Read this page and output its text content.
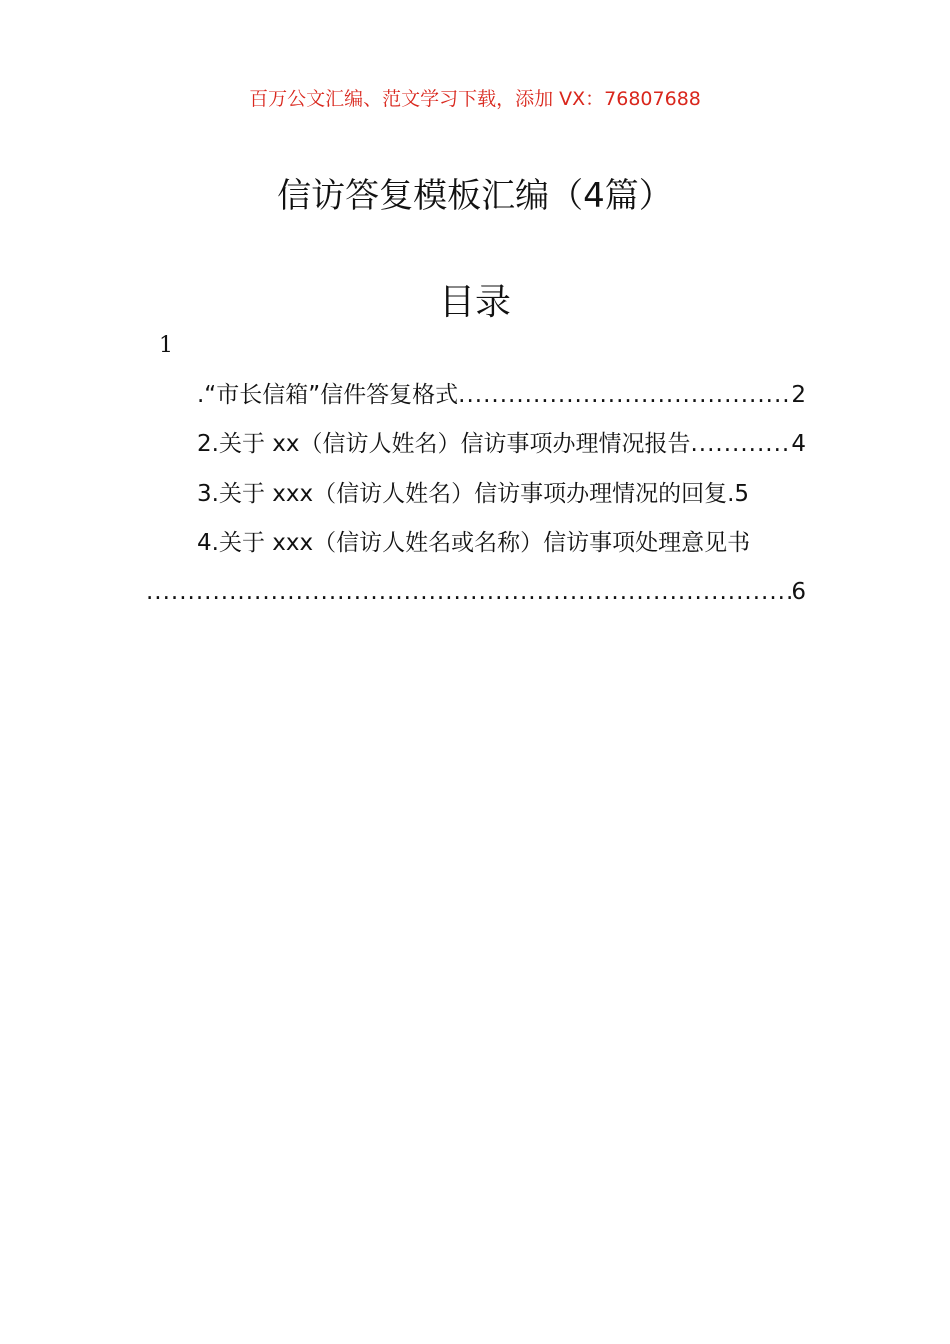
百万公文汇编、范文学习下载，添加 VX：76807688
信访答复模板汇编（4篇）
目录
1
.“市长信箱”信件答复格式 .....	2
2.关于 xx（信访人姓名）信访事项办理情况报告 .....	4
3.关于 xxx（信访人姓名）信访事项办理情况的回复. 5
4.关于 xxx（信访人姓名或名称）信访事项处理意见书
.....
6
